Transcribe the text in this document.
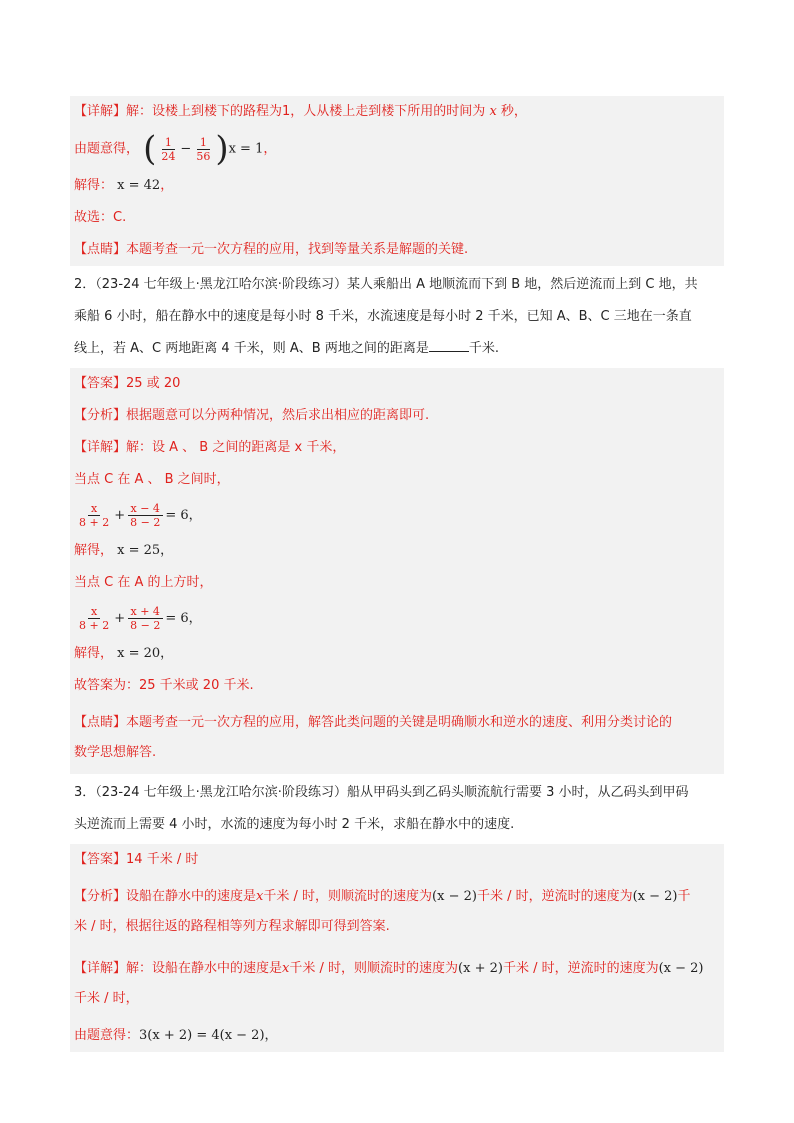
【详解】解：设楼上到楼下的路程为1，人从楼上走到楼下所用的时间为 x 秒，
由题意得， ( $\frac{1}{24} - \frac{1}{56} )x = 1$，
解得： x = 42，
故选：C.
【点睛】本题考查一元一次方程的应用，找到等量关系是解题的关键.
2．（23-24 七年级上·黑龙江哈尔滨·阶段练习）某人乘船出 A 地顺流而下到 B 地，然后逆流而上到 C 地，共
乘船 6 小时，船在静水中的速度是每小时 8 千米，水流速度是每小时 2 千米，已知 A、B、C 三地在一条直
线上，若 A、C 两地距离 4 千米，则 A、B 两地之间的距离是	千米.
【答案】25 或 20
【分析】根据题意可以分两种情况，然后求出相应的距离即可.
【详解】解：设 A 、 B 之间的距离是 x 千米，
当点 C 在 A 、 B 之间时，
$\frac{x}{8 + 2} + \frac{x - 4}{8 - 2} = 6$，
解得， x = 25，
当点 C 在 A 的上方时，
$\frac{x}{8 + 2} + \frac{x + 4}{8 - 2} = 6$，
解得， x = 20，
故答案为：25 千米或 20 千米.
【点睛】本题考查一元一次方程的应用，解答此类问题的关键是明确顺水和逆水的速度、利用分类讨论的
数学思想解答.
3．（23-24 七年级上·黑龙江哈尔滨·阶段练习）船从甲码头到乙码头顺流航行需要 3 小时，从乙码头到甲码
头逆流而上需要 4 小时，水流的速度为每小时 2 千米，求船在静水中的速度.
【答案】14 千米 / 时
【分析】设船在静水中的速度是x千米 / 时，则顺流时的速度为(x − 2)千米 / 时，逆流时的速度为(x − 2)千
米 / 时，根据往返的路程相等列方程求解即可得到答案.
【详解】解：设船在静水中的速度是x千米 / 时，则顺流时的速度为(x + 2)千米 / 时，逆流时的速度为(x − 2)
千米 / 时，
由题意得：3(x + 2) = 4(x − 2)，
